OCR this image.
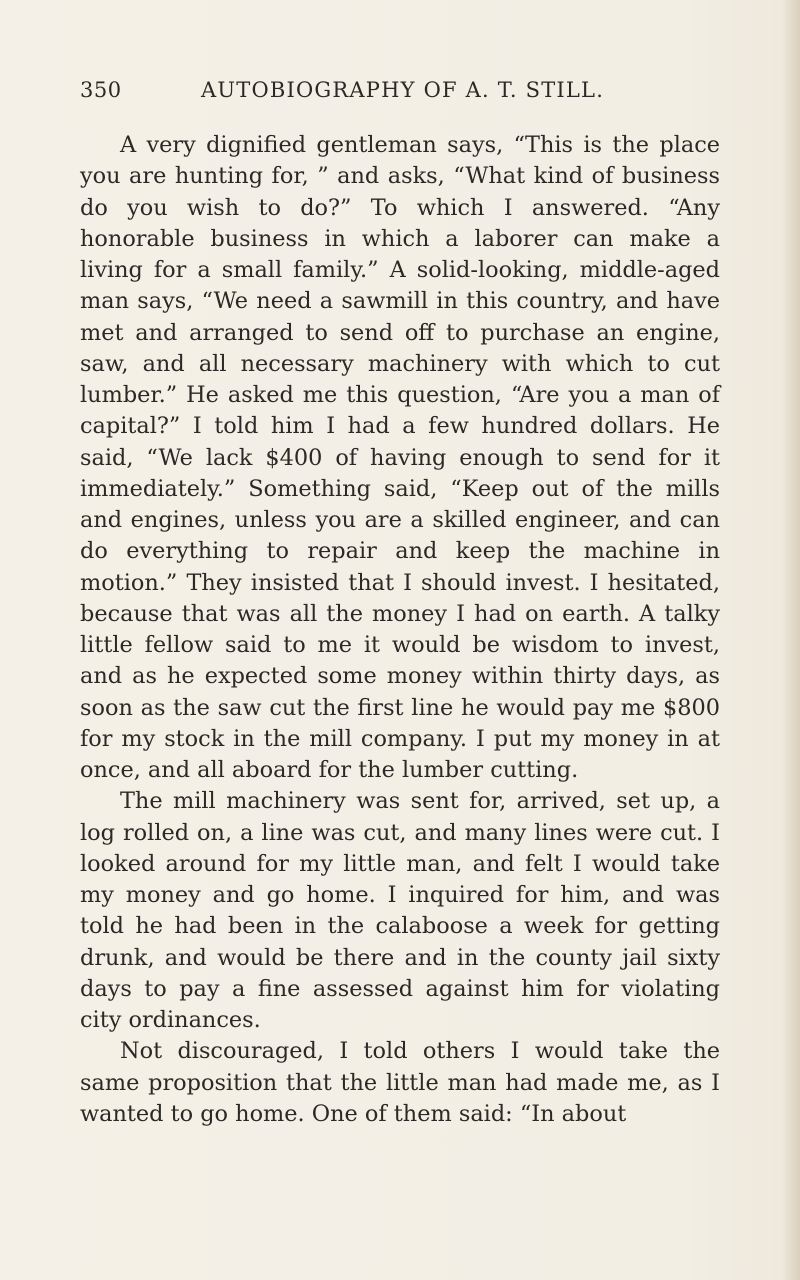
350	AUTOBIOGRAPHY OF A. T. STILL.

A very dignified gentleman says, “This is the place you are hunting for, ” and asks, “What kind of business do you wish to do?” To which I answered. “Any honorable business in which a laborer can make a living for a small family.” A solid-looking, middle-aged man says, “We need a sawmill in this country, and have met and arranged to send off to purchase an engine, saw, and all necessary machinery with which to cut lumber.” He asked me this question, “Are you a man of capital?” I told him I had a few hundred dollars. He said, “We lack $400 of having enough to send for it immediately.” Something said, “Keep out of the mills and engines, unless you are a skilled engineer, and can do everything to repair and keep the machine in motion.” They insisted that I should invest. I hesitated, because that was all the money I had on earth. A talky little fellow said to me it would be wisdom to invest, and as he expected some money within thirty days, as soon as the saw cut the first line he would pay me $800 for my stock in the mill company. I put my money in at once, and all aboard for the lumber cutting.

The mill machinery was sent for, arrived, set up, a log rolled on, a line was cut, and many lines were cut. I looked around for my little man, and felt I would take my money and go home. I inquired for him, and was told he had been in the calaboose a week for getting drunk, and would be there and in the county jail sixty days to pay a fine assessed against him for violating city ordinances.

Not discouraged, I told others I would take the same proposition that the little man had made me, as I wanted to go home. One of them said: “In about
